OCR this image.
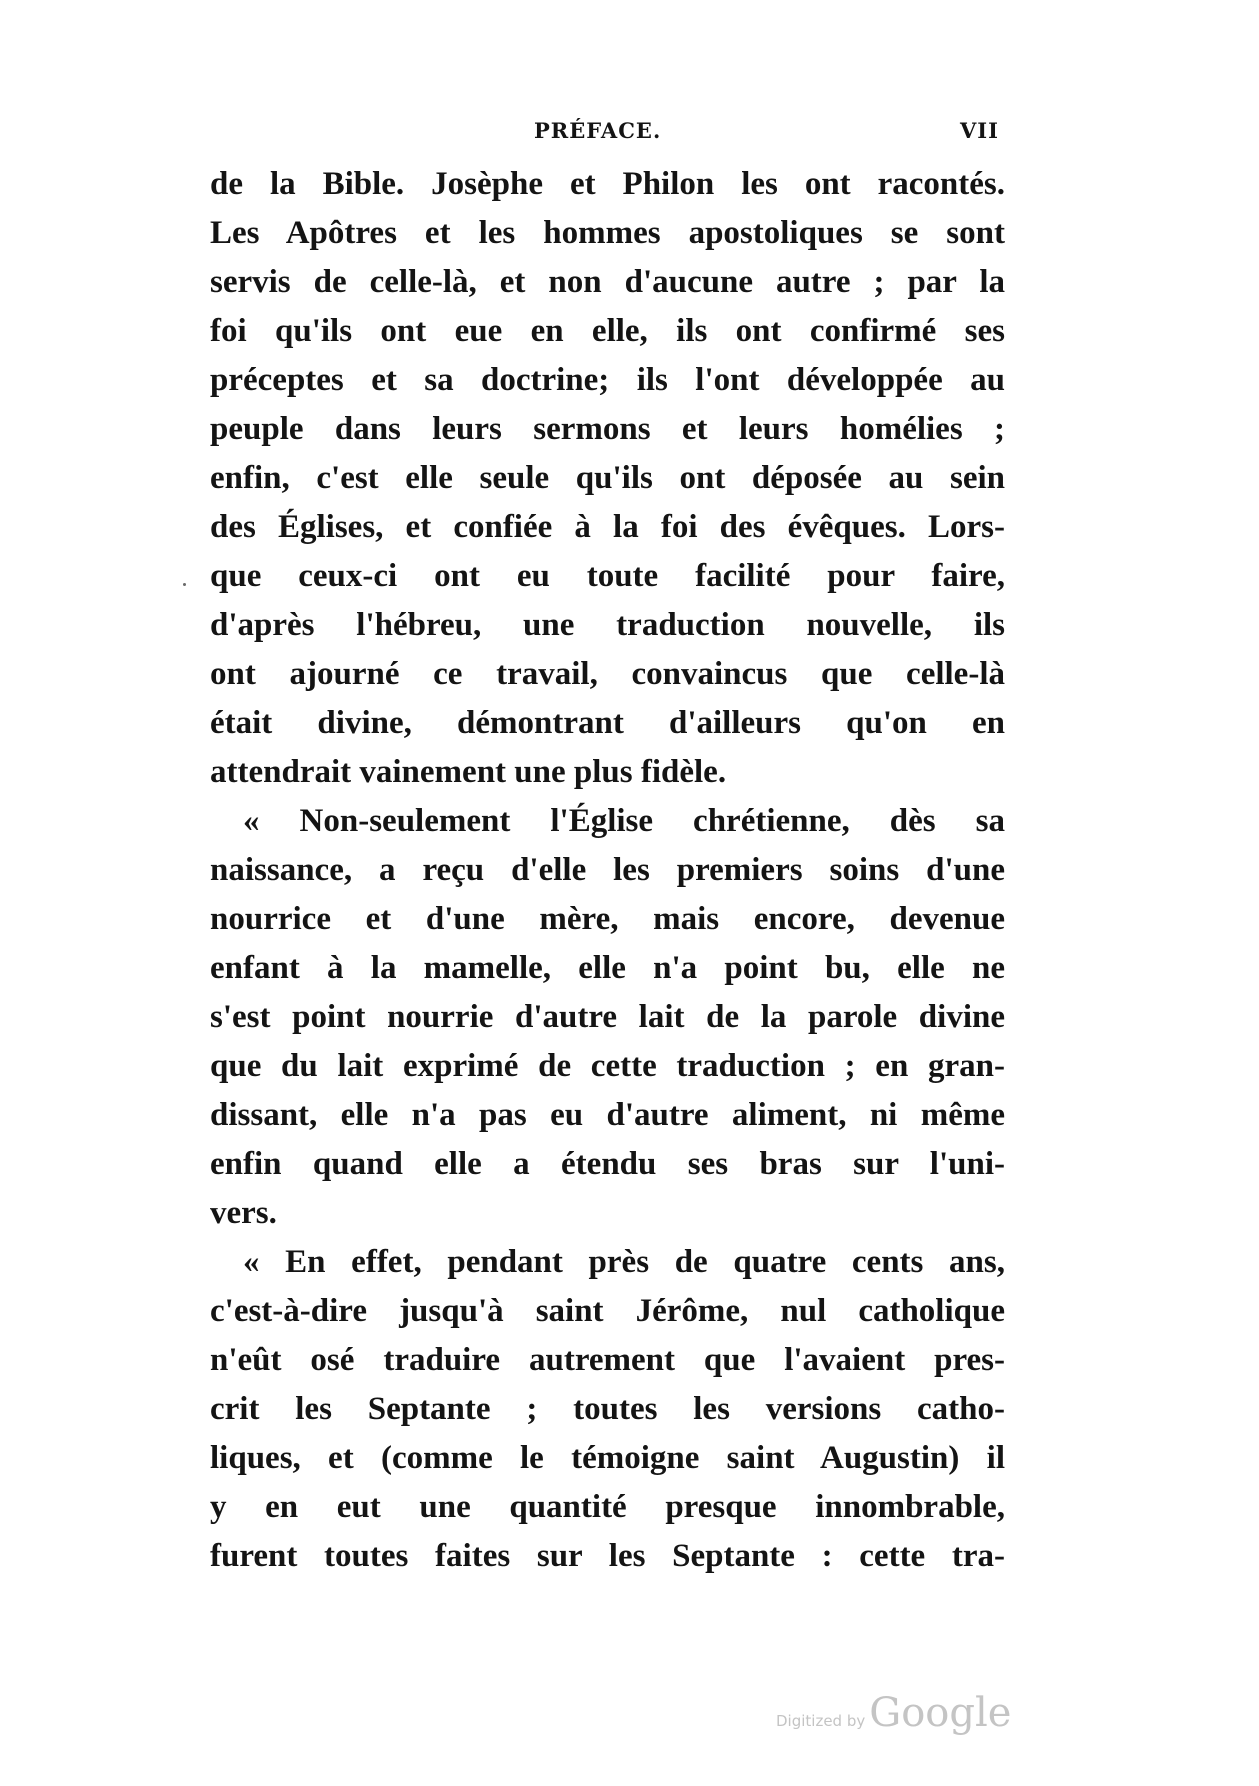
PRÉFACE.	VII
de la Bible. Josèphe et Philon les ont racontés.
Les Apôtres et les hommes apostoliques se sont
servis de celle-là, et non d'aucune autre ; par la
foi qu'ils ont eue en elle, ils ont confirmé ses
préceptes et sa doctrine; ils l'ont développée au
peuple dans leurs sermons et leurs homélies ;
enfin, c'est elle seule qu'ils ont déposée au sein
des Églises, et confiée à la foi des évêques. Lors-
que ceux-ci ont eu toute facilité pour faire,
d'après l'hébreu, une traduction nouvelle, ils
ont ajourné ce travail, convaincus que celle-là
était divine, démontrant d'ailleurs qu'on en
attendrait vainement une plus fidèle.
« Non-seulement l'Église chrétienne, dès sa
naissance, a reçu d'elle les premiers soins d'une
nourrice et d'une mère, mais encore, devenue
enfant à la mamelle, elle n'a point bu, elle ne
s'est point nourrie d'autre lait de la parole divine
que du lait exprimé de cette traduction ; en gran-
dissant, elle n'a pas eu d'autre aliment, ni même
enfin quand elle a étendu ses bras sur l'uni-
vers.
« En effet, pendant près de quatre cents ans,
c'est-à-dire jusqu'à saint Jérôme, nul catholique
n'eût osé traduire autrement que l'avaient pres-
crit les Septante ; toutes les versions catho-
liques, et (comme le témoigne saint Augustin) il
y en eut une quantité presque innombrable,
furent toutes faites sur les Septante : cette tra-
Digitized by Google
